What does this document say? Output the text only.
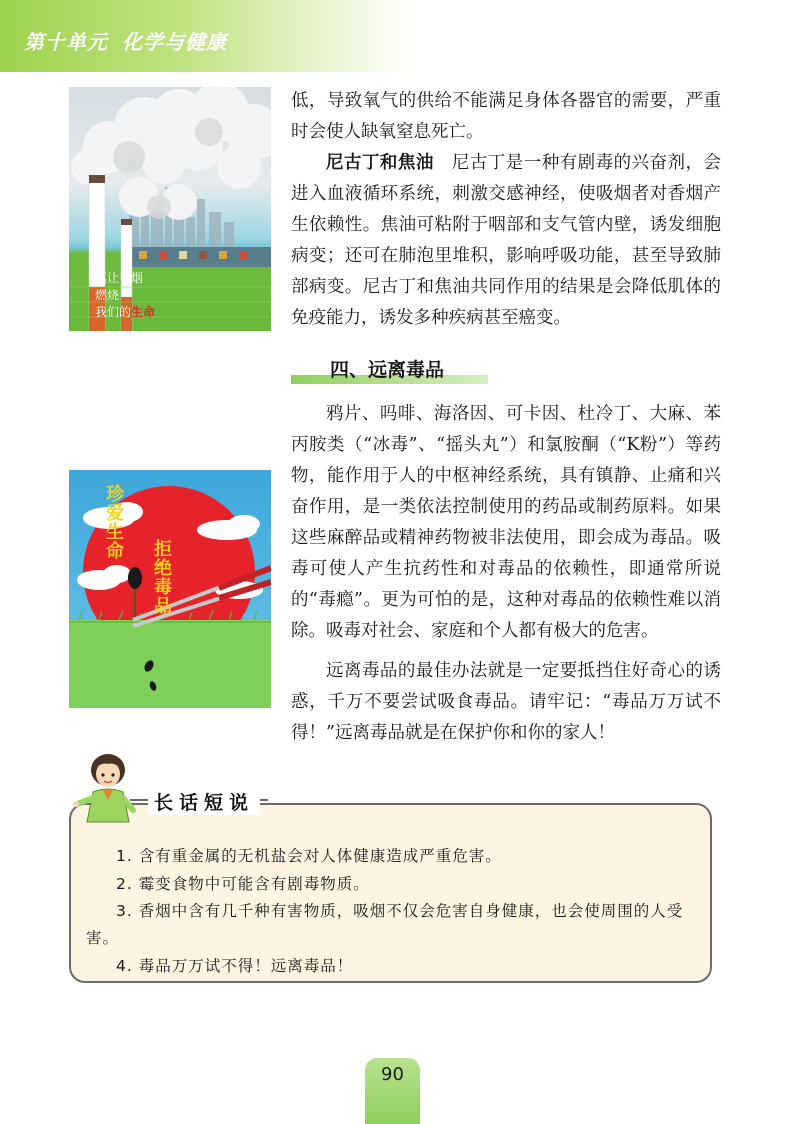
第十单元 化学与健康
莫让香烟
燃烧
我们的生命

低，导致氧气的供给不能满足身体各器官的需要，严重时会使人缺氧窒息死亡。

尼古丁和焦油　 尼古丁是一种有剧毒的兴奋剂，会进入血液循环系统，刺激交感神经，使吸烟者对香烟产生依赖性。焦油可粘附于咽部和支气管内壁，诱发细胞病变；还可在肺泡里堆积，影响呼吸功能，甚至导致肺部病变。尼古丁和焦油共同作用的结果是会降低肌体的免疫能力，诱发多种疾病甚至癌变。

四、远离毒品

鸦片、吗啡、海洛因、可卡因、杜冷丁、大麻、苯丙胺类（“冰毒”、“摇头丸”）和氯胺酮（“K粉”）等药物，能作用于人的中枢神经系统，具有镇静、止痛和兴奋作用，是一类依法控制使用的药品或制药原料。如果这些麻醉品或精神药物被非法使用，即会成为毒品。吸毒可使人产生抗药性和对毒品的依赖性，即通常所说的“毒瘾”。更为可怕的是，这种对毒品的依赖性难以消除。吸毒对社会、家庭和个人都有极大的危害。

远离毒品的最佳办法就是一定要抵挡住好奇心的诱惑，千万不要尝试吸食毒品。请牢记：“毒品万万试不得！”远离毒品就是在保护你和你的家人！

珍爱生命 拒绝毒品
长话短说

1. 含有重金属的无机盐会对人体健康造成严重危害。

2. 霉变食物中可能含有剧毒物质。

3. 香烟中含有几千种有害物质，吸烟不仅会危害自身健康，也会使周围的人受害。

4. 毒品万万试不得！远离毒品！

90
